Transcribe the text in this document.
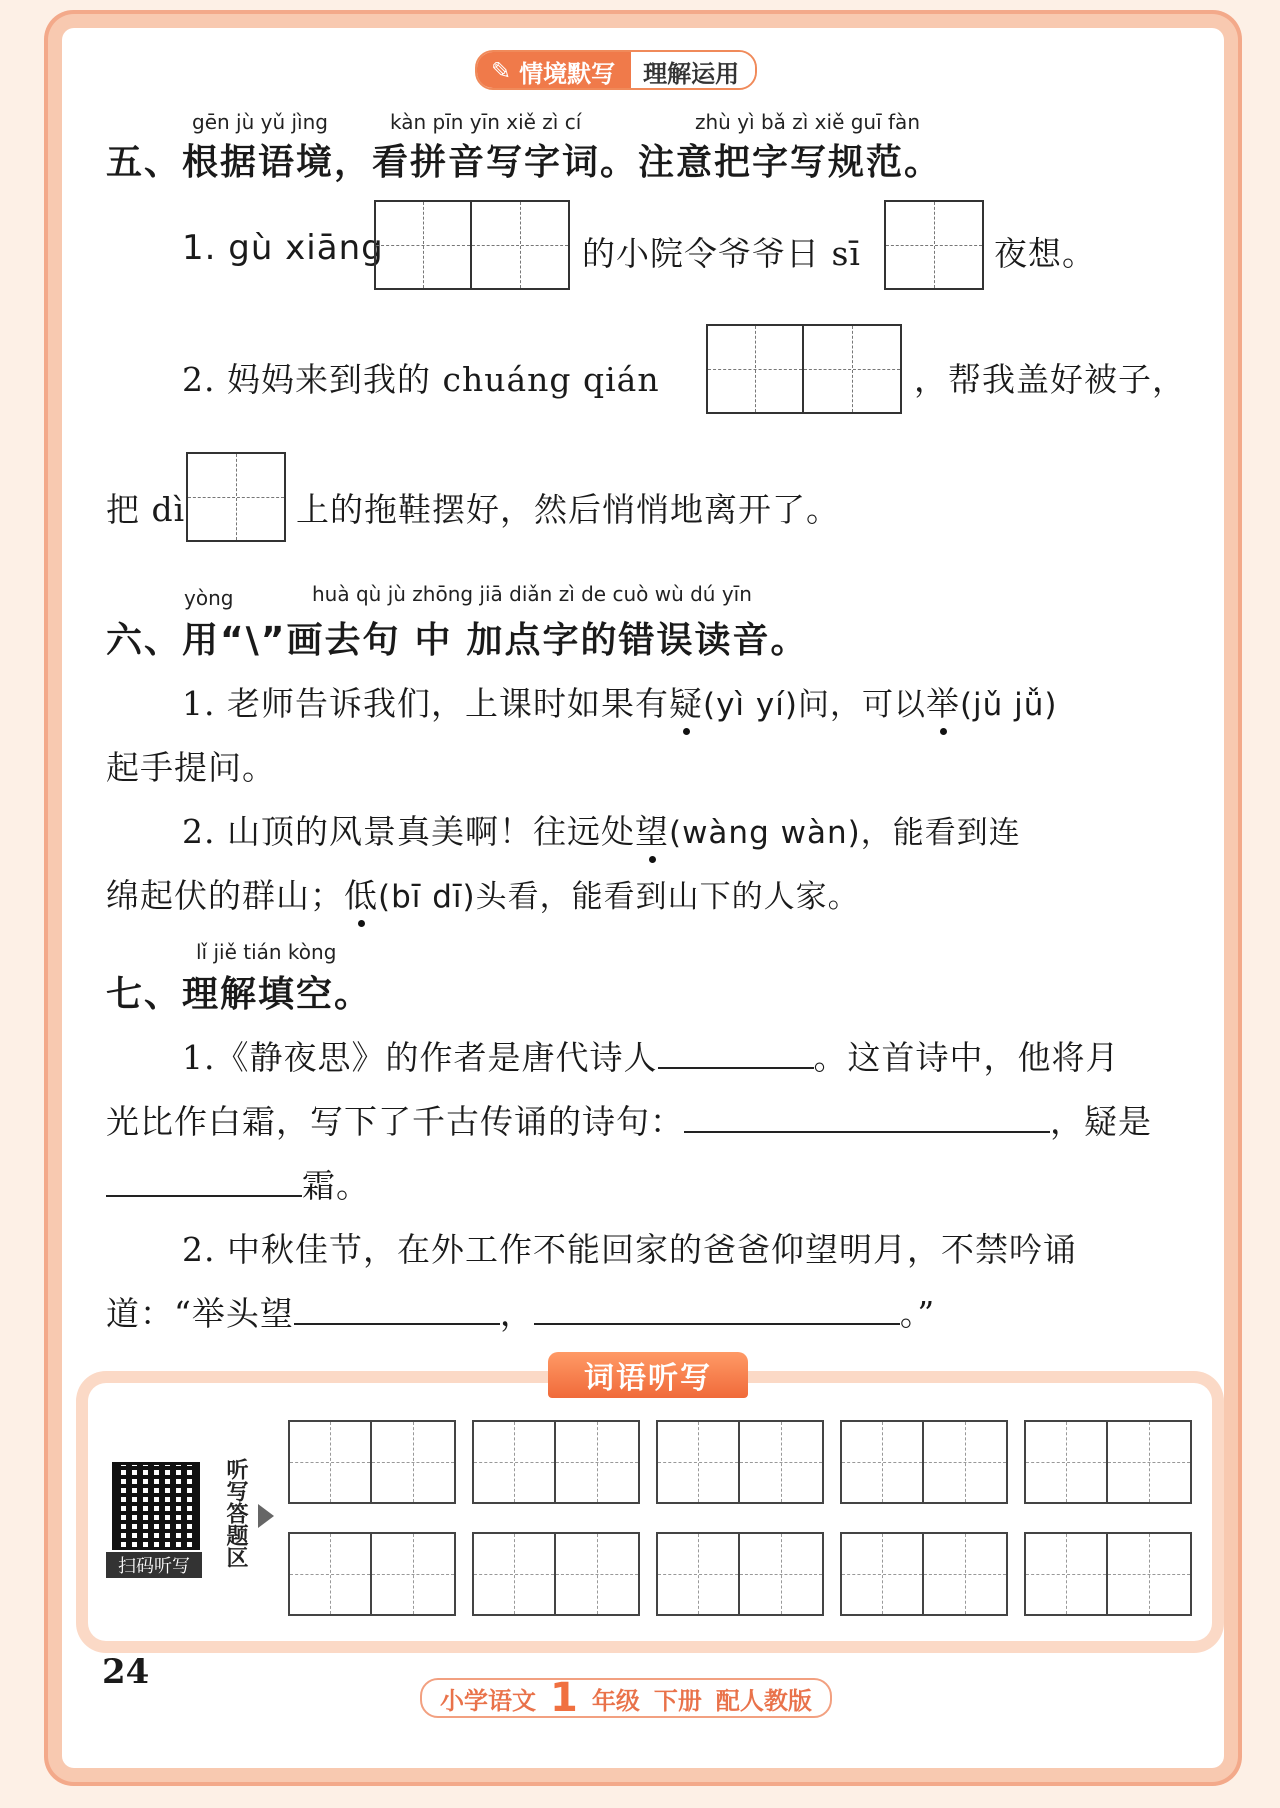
✎ 情境默写	理解运用
gēn jù yǔ jìng	kàn pīn yīn xiě zì cí	zhù yì bǎ zì xiě guī fàn
五、根据语境，看拼音写字词。注意把字写规范。
1. gù xiāng	的小院令爷爷日 sī	夜想。
2. 妈妈来到我的 chuáng qián	，帮我盖好被子，
把 dì	上的拖鞋摆好，然后悄悄地离开了。
yòng	huà qù jù zhōng jiā diǎn zì de cuò wù dú yīn
六、用“\”画去句 中 加点字的错误读音。
1. 老师告诉我们，上课时如果有疑(yì yí)问，可以举(jǔ jǚ)
起手提问。
2. 山顶的风景真美啊！往远处望(wàng wàn)，能看到连
绵起伏的群山；低(bī dī)头看，能看到山下的人家。
lǐ jiě tián kòng
七、理解填空。
1.《静夜思》的作者是唐代诗人	。这首诗中，他将月
光比作白霜，写下了千古传诵的诗句：	，疑是
霜。
2. 中秋佳节，在外工作不能回家的爸爸仰望明月，不禁吟诵
道：“举头望	，	。”
词语听写
扫码听写	听写答题区
24
小学语文 1 年级 下册 配人教版
